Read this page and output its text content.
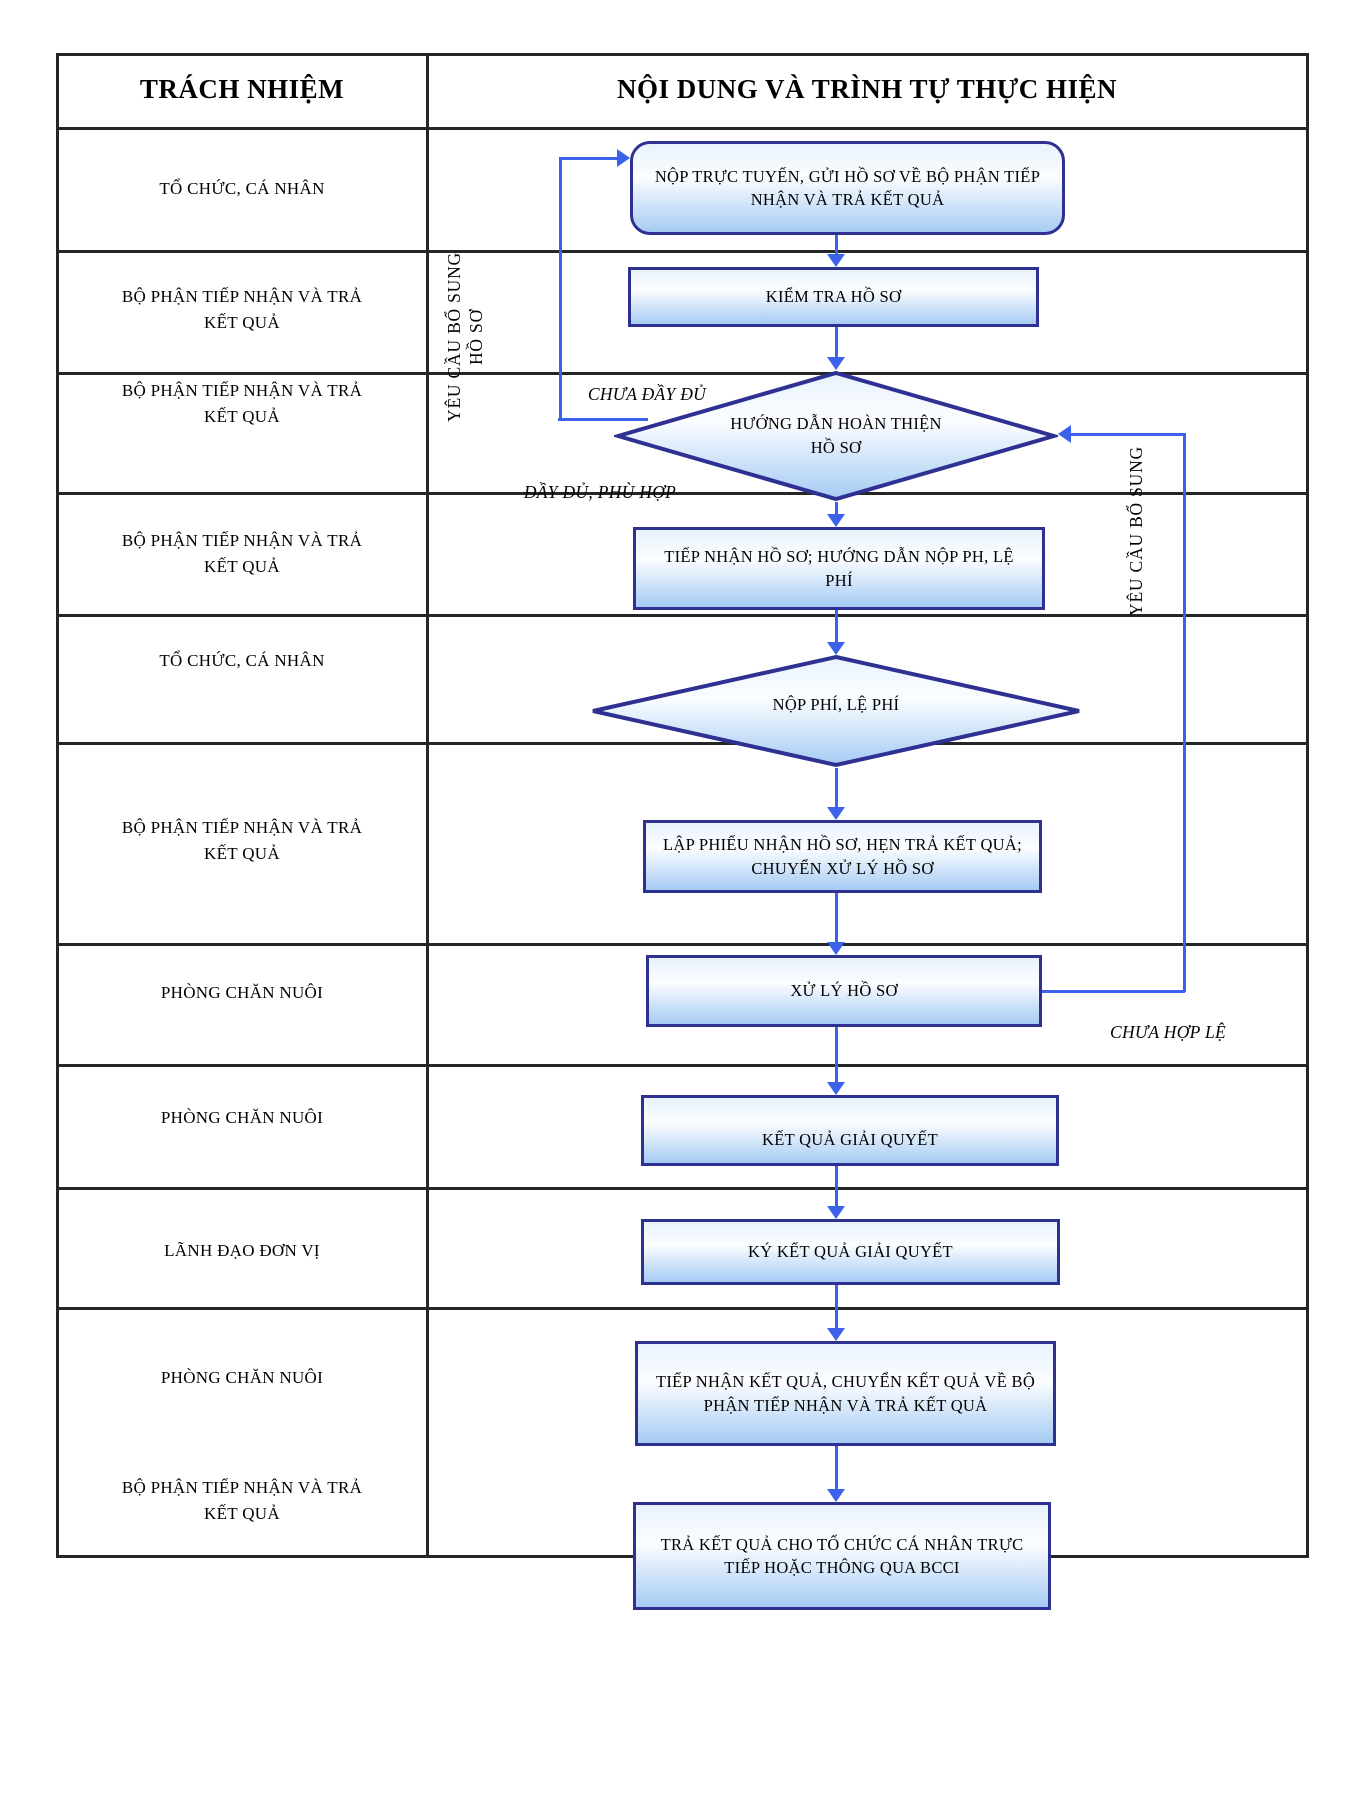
TRÁCH NHIỆM	NỘI DUNG VÀ TRÌNH TỰ THỰC HIỆN
TỔ CHỨC, CÁ NHÂN
BỘ PHẬN TIẾP NHẬN VÀ TRẢ KẾT QUẢ
BỘ PHẬN TIẾP NHẬN VÀ TRẢ KẾT QUẢ
BỘ PHẬN TIẾP NHẬN VÀ TRẢ KẾT QUẢ
TỔ CHỨC, CÁ NHÂN
BỘ PHẬN TIẾP NHẬN VÀ TRẢ KẾT QUẢ
PHÒNG CHĂN NUÔI
PHÒNG CHĂN NUÔI
LÃNH ĐẠO ĐƠN VỊ
PHÒNG CHĂN NUÔI
BỘ PHẬN TIẾP NHẬN VÀ TRẢ KẾT QUẢ
NỘP TRỰC TUYẾN, GỬI HỒ SƠ VỀ BỘ PHẬN TIẾP NHẬN VÀ TRẢ KẾT QUẢ
KIỂM TRA HỒ SƠ
HƯỚNG DẪN HOÀN THIỆN HỒ SƠ
TIẾP NHẬN HỒ SƠ; HƯỚNG DẪN NỘP PH, LỆ PHÍ
NỘP PHÍ, LỆ PHÍ
LẬP PHIẾU NHẬN HỒ SƠ, HẸN TRẢ KẾT QUẢ; CHUYỂN XỬ LÝ HỒ SƠ
XỬ LÝ HỒ SƠ
KẾT QUẢ GIẢI QUYẾT
KÝ KẾT QUẢ GIẢI QUYẾT
TIẾP NHẬN KẾT QUẢ, CHUYỂN KẾT QUẢ VỀ BỘ PHẬN TIẾP NHẬN VÀ TRẢ KẾT QUẢ
TRẢ KẾT QUẢ CHO TỔ CHỨC CÁ NHÂN TRỰC TIẾP HOẶC THÔNG QUA BCCI
CHƯA ĐẦY ĐỦ
ĐẦY ĐỦ, PHÙ HỢP
CHƯA HỢP LỆ
YÊU CẦU BỔ SUNG HỒ SƠ
YÊU CẦU BỔ SUNG
